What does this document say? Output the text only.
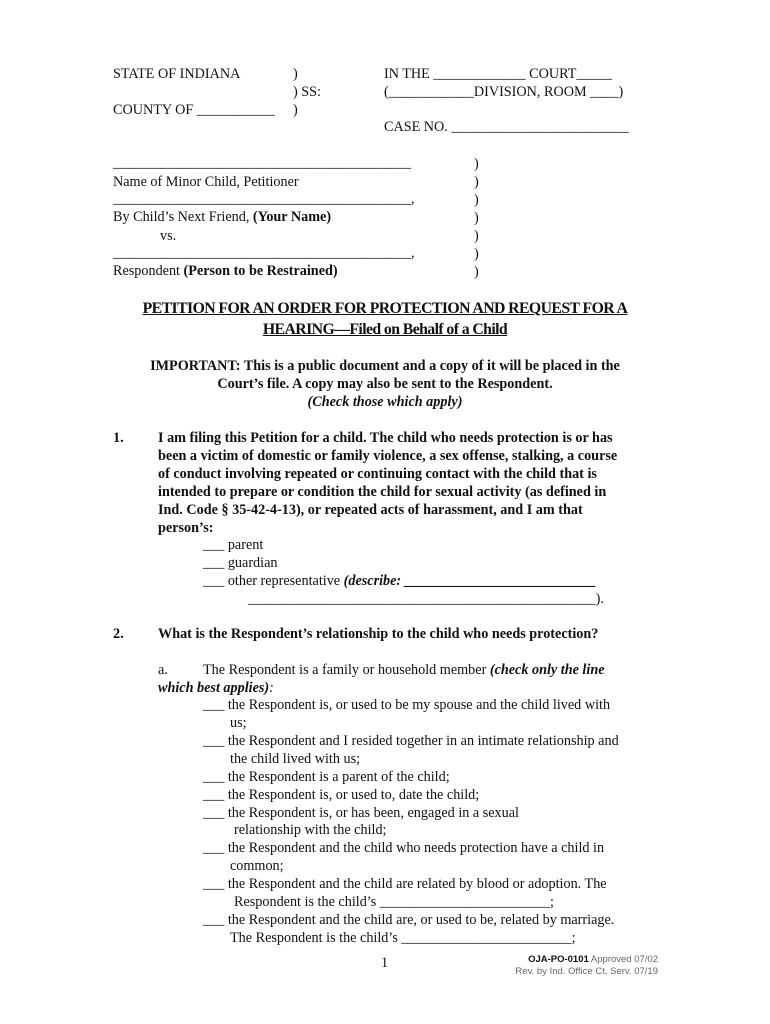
STATE OF INDIANA	)
) SS:
COUNTY OF ___________ )
IN THE _____________ COURT_____
(____________DIVISION, ROOM ____)
CASE NO. _________________________
__________________________________________
Name of Minor Child, Petitioner
__________________________________________,
By Child’s Next Friend, (Your Name)
vs.
__________________________________________,
Respondent (Person to be Restrained)
)
)
)
)
)
)
)
PETITION FOR AN ORDER FOR PROTECTION AND REQUEST FOR A
HEARING—Filed on Behalf of a Child
IMPORTANT: This is a public document and a copy of it will be placed in the
Court’s file. A copy may also be sent to the Respondent.
(Check those which apply)
1. I am filing this Petition for a child. The child who needs protection is or has
been a victim of domestic or family violence, a sex offense, stalking, a course
of conduct involving repeated or continuing contact with the child that is
intended to prepare or condition the child for sexual activity (as defined in
Ind. Code § 35-42-4-13), or repeated acts of harassment, and I am that
person’s:
___ parent
___ guardian
___ other representative (describe: ___________________________
_________________________________________________).
2. What is the Respondent’s relationship to the child who needs protection?
a. The Respondent is a family or household member (check only the line
which best applies):
___ the Respondent is, or used to be my spouse and the child lived with
us;
___ the Respondent and I resided together in an intimate relationship and
the child lived with us;
___ the Respondent is a parent of the child;
___ the Respondent is, or used to, date the child;
___ the Respondent is, or has been, engaged in a sexual
relationship with the child;
___ the Respondent and the child who needs protection have a child in
common;
___ the Respondent and the child are related by blood or adoption. The
Respondent is the child’s ________________________;
___ the Respondent and the child are, or used to be, related by marriage.
The Respondent is the child’s ________________________;
1	OJA-PO-0101 Approved 07/02
Rev. by Ind. Office Ct. Serv. 07/19
